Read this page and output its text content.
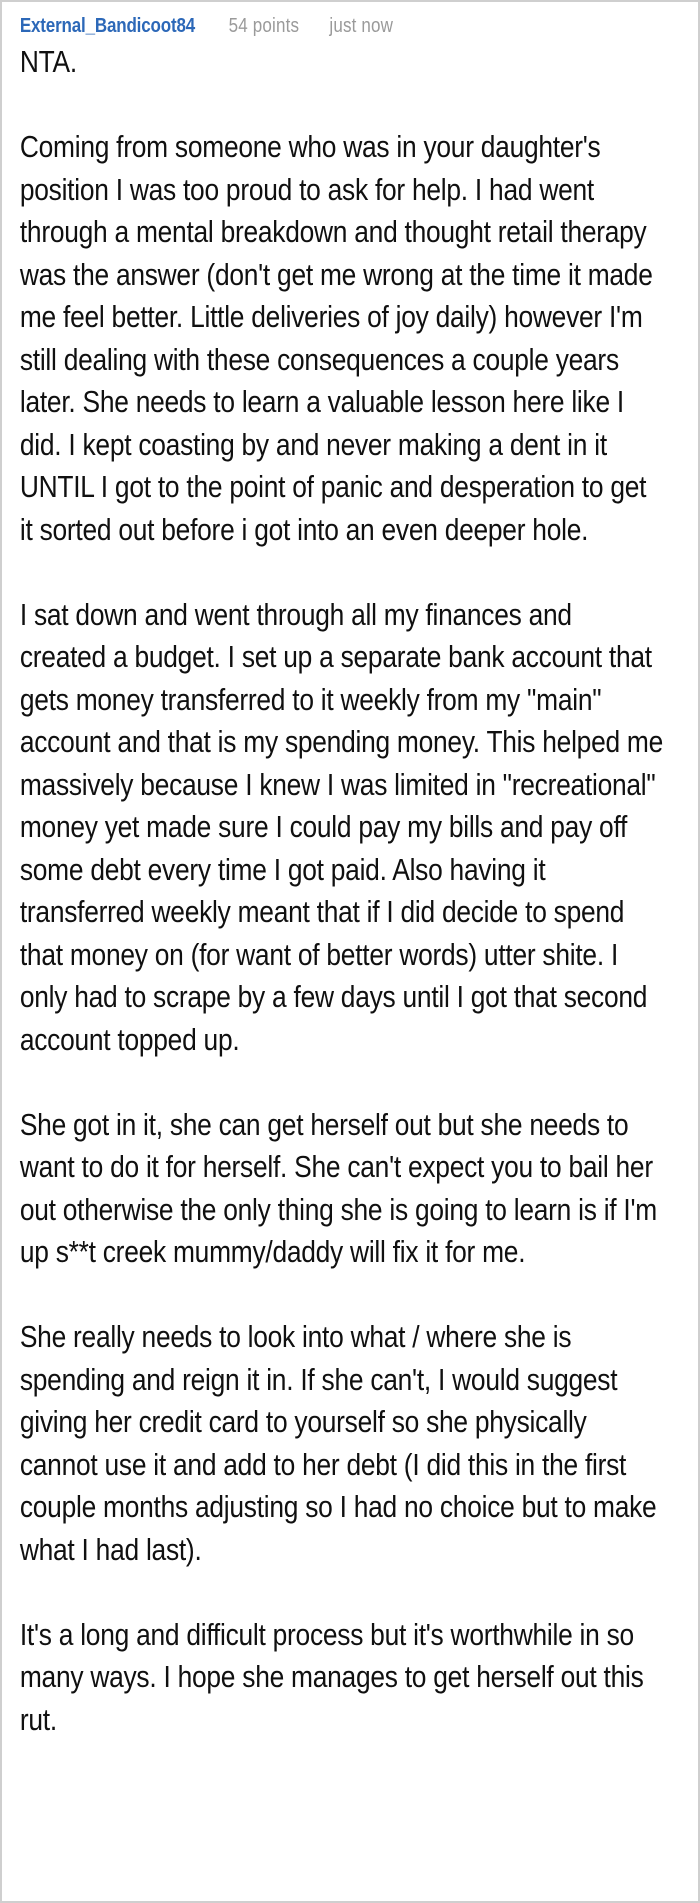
External_Bandicoot84 54 points just now

NTA.

Coming from someone who was in your daughter's position I was too proud to ask for help. I had went through a mental breakdown and thought retail therapy was the answer (don't get me wrong at the time it made me feel better. Little deliveries of joy daily) however I'm still dealing with these consequences a couple years later. She needs to learn a valuable lesson here like I did. I kept coasting by and never making a dent in it UNTIL I got to the point of panic and desperation to get it sorted out before i got into an even deeper hole.

I sat down and went through all my finances and created a budget. I set up a separate bank account that gets money transferred to it weekly from my "main" account and that is my spending money. This helped me massively because I knew I was limited in "recreational" money yet made sure I could pay my bills and pay off some debt every time I got paid. Also having it transferred weekly meant that if I did decide to spend that money on (for want of better words) utter shite. I only had to scrape by a few days until I got that second account topped up.

She got in it, she can get herself out but she needs to want to do it for herself. She can't expect you to bail her out otherwise the only thing she is going to learn is if I'm up s**t creek mummy/daddy will fix it for me.

She really needs to look into what / where she is spending and reign it in. If she can't, I would suggest giving her credit card to yourself so she physically cannot use it and add to her debt (I did this in the first couple months adjusting so I had no choice but to make what I had last).

It's a long and difficult process but it's worthwhile in so many ways. I hope she manages to get herself out this rut.
